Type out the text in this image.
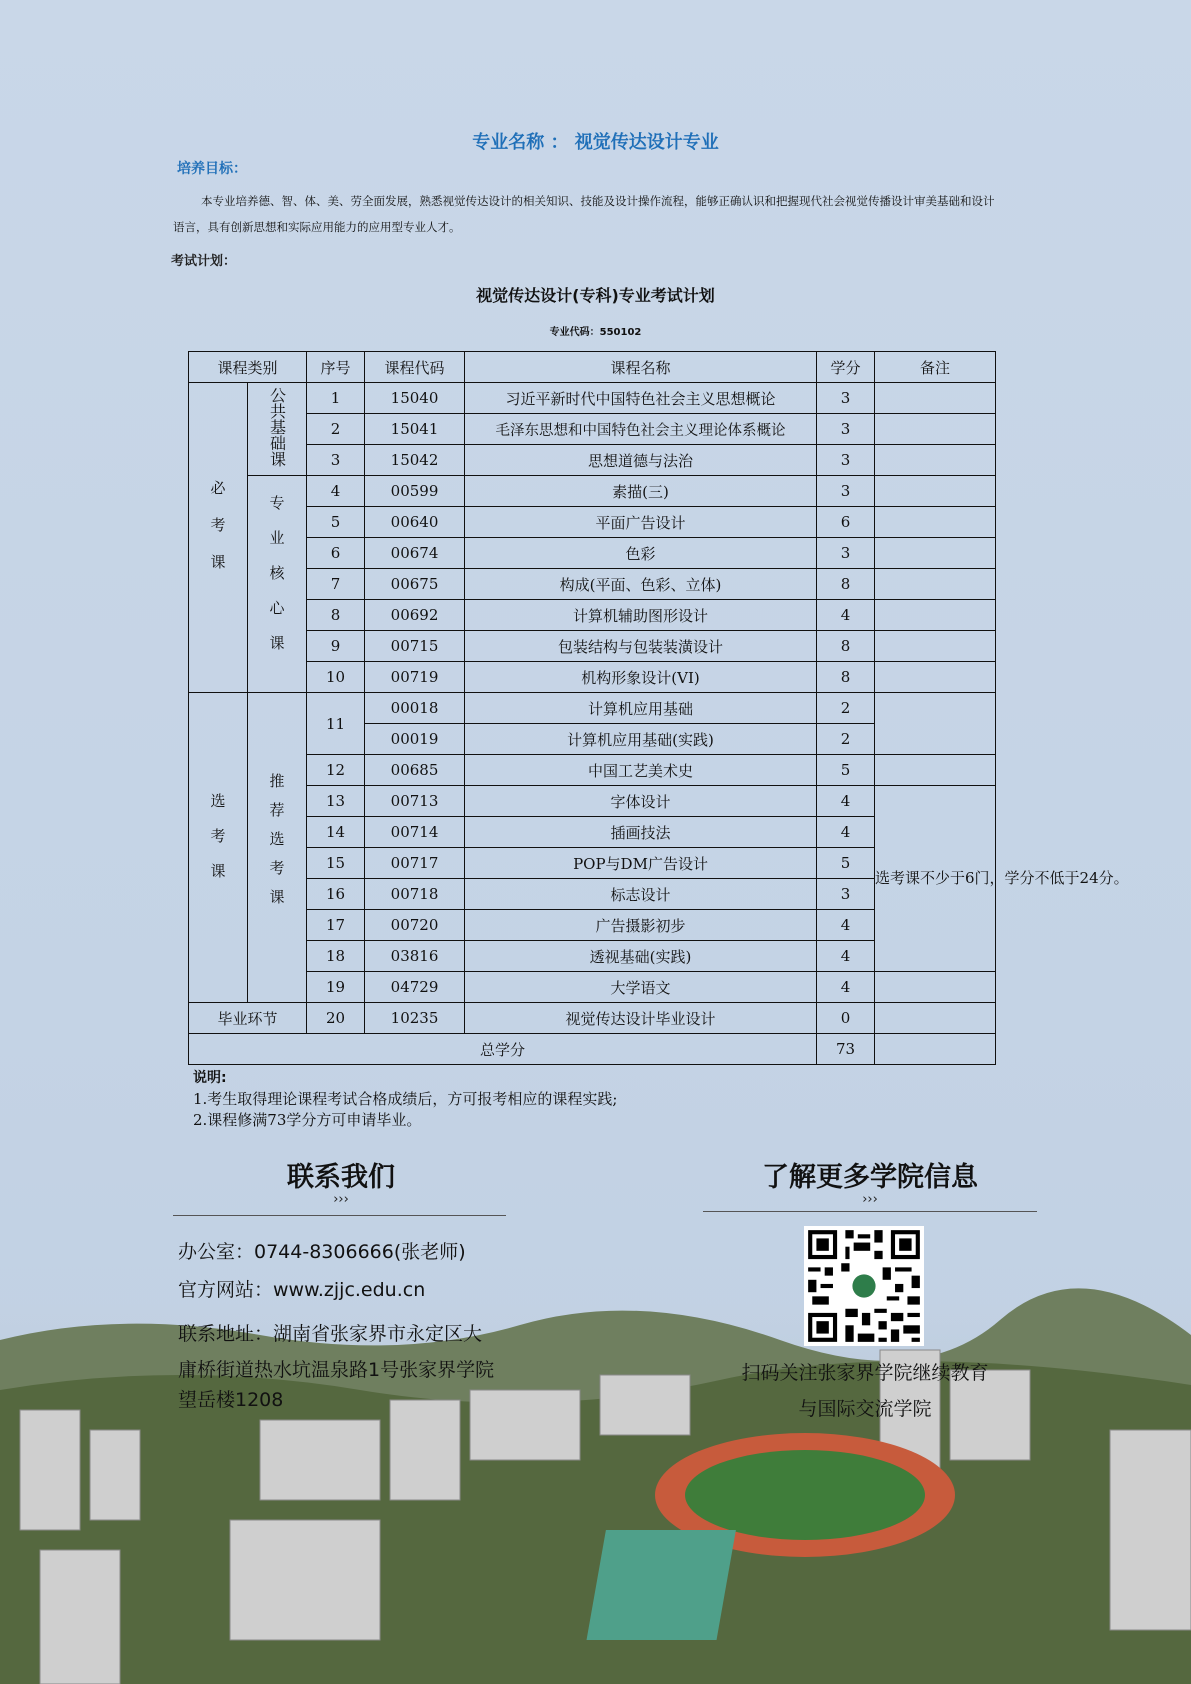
专业名称 ： 视觉传达设计专业
培养目标：
本专业培养德、智、体、美、劳全面发展，熟悉视觉传达设计的相关知识、技能及设计操作流程，能够正确认识和把握现代社会视觉传播设计审美基础和设计语言，具有创新思想和实际应用能力的应用型专业人才。
考试计划：
视觉传达设计(专科)专业考试计划
专业代码：550102
课程类别		序号	课程代码	课程名称	学分	备注
必考课	公共基础课	1	15040	习近平新时代中国特色社会主义思想概论	3	
		2	15041	毛泽东思想和中国特色社会主义理论体系概论	3	
		3	15042	思想道德与法治	3	
	专业核心课	4	00599	素描(三)	3	
		5	00640	平面广告设计	6	
		6	00674	色彩	3	
		7	00675	构成(平面、色彩、立体)	8	
		8	00692	计算机辅助图形设计	4	
		9	00715	包装结构与包装装潢设计	8	
		10	00719	机构形象设计(VI)	8	
选考课	推荐选考课	11	00018	计算机应用基础	2	
			00019	计算机应用基础(实践)	2	
		12	00685	中国工艺美术史	5	
		13	00713	字体设计	4	选考课不少于6门，学分不低于24分。
		14	00714	插画技法	4	
		15	00717	POP与DM广告设计	5	
		16	00718	标志设计	3	
		17	00720	广告摄影初步	4	
		18	03816	透视基础(实践)	4	
		19	04729	大学语文	4	
毕业环节		20	10235	视觉传达设计毕业设计	0	
总学分					73	
说明:
1.考生取得理论课程考试合格成绩后，方可报考相应的课程实践;
2.课程修满73学分方可申请毕业。
联系我们
›››
办公室：0744-8306666(张老师)
官方网站：www.zjjc.edu.cn
联系地址：湖南省张家界市永定区大
庸桥街道热水坑温泉路1号张家界学院
望岳楼1208
了解更多学院信息
›››
扫码关注张家界学院继续教育
与国际交流学院
